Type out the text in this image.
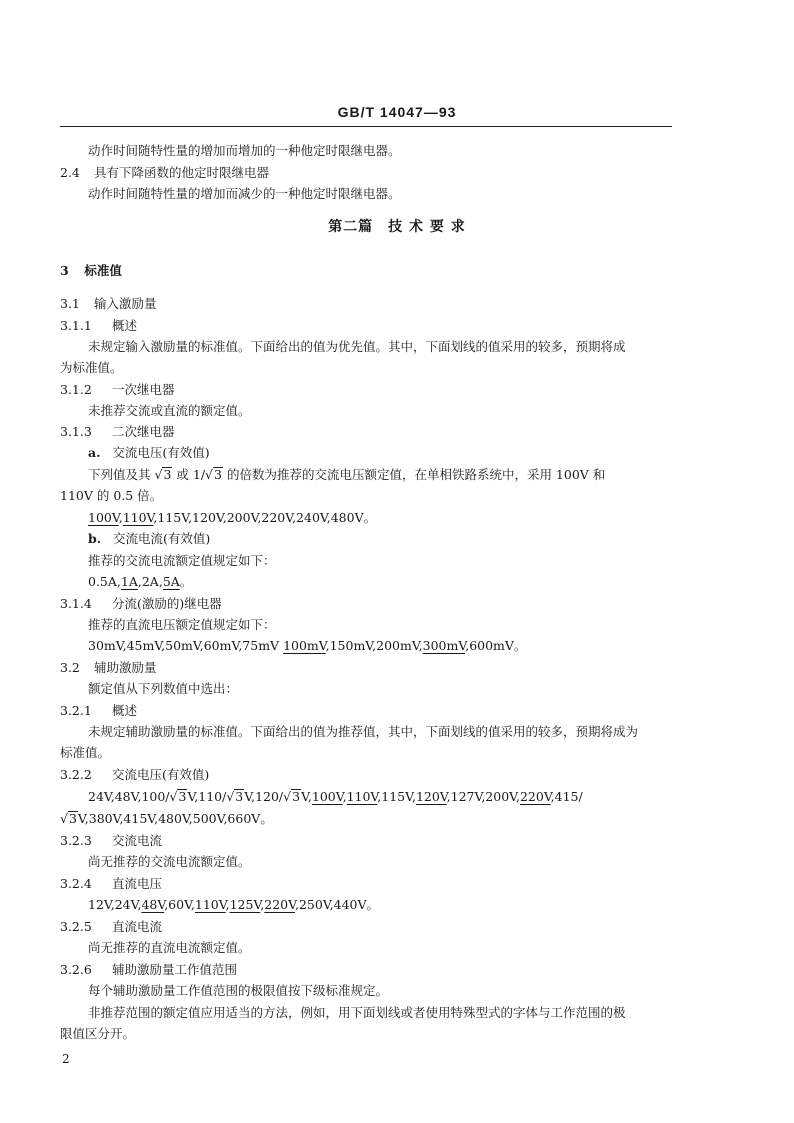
GB/T 14047—93
动作时间随特性量的增加而增加的一种他定时限继电器。
2.4 具有下降函数的他定时限继电器
动作时间随特性量的增加而减少的一种他定时限继电器。
第二篇　技 术 要 求
3 标准值
3.1 输入激励量
3.1.1 概述
未规定输入激励量的标准值。下面给出的值为优先值。其中，下面划线的值采用的较多，预期将成
为标准值。
3.1.2 一次继电器
未推荐交流或直流的额定值。
3.1.3 二次继电器
a. 交流电压(有效值)
下列值及其 √3 或 1/√3 的倍数为推荐的交流电压额定值，在单相铁路系统中，采用 100V 和
110V 的 0.5 倍。
100V,110V,115V,120V,200V,220V,240V,480V。
b. 交流电流(有效值)
推荐的交流电流额定值规定如下：
0.5A,1A,2A,5A。
3.1.4 分流(激励的)继电器
推荐的直流电压额定值规定如下：
30mV,45mV,50mV,60mV,75mV 100mV,150mV,200mV,300mV,600mV。
3.2 辅助激励量
额定值从下列数值中选出：
3.2.1 概述
未规定辅助激励量的标准值。下面给出的值为推荐值，其中，下面划线的值采用的较多，预期将成为
标准值。
3.2.2 交流电压(有效值)
24V,48V,100/√3V,110/√3V,120/√3V,100V,110V,115V,120V,127V,200V,220V,415/
√3V,380V,415V,480V,500V,660V。
3.2.3 交流电流
尚无推荐的交流电流额定值。
3.2.4 直流电压
12V,24V,48V,60V,110V,125V,220V,250V,440V。
3.2.5 直流电流
尚无推荐的直流电流额定值。
3.2.6 辅助激励量工作值范围
每个辅助激励量工作值范围的极限值按下级标准规定。
非推荐范围的额定值应用适当的方法，例如，用下面划线或者使用特殊型式的字体与工作范围的极
限值区分开。
2
